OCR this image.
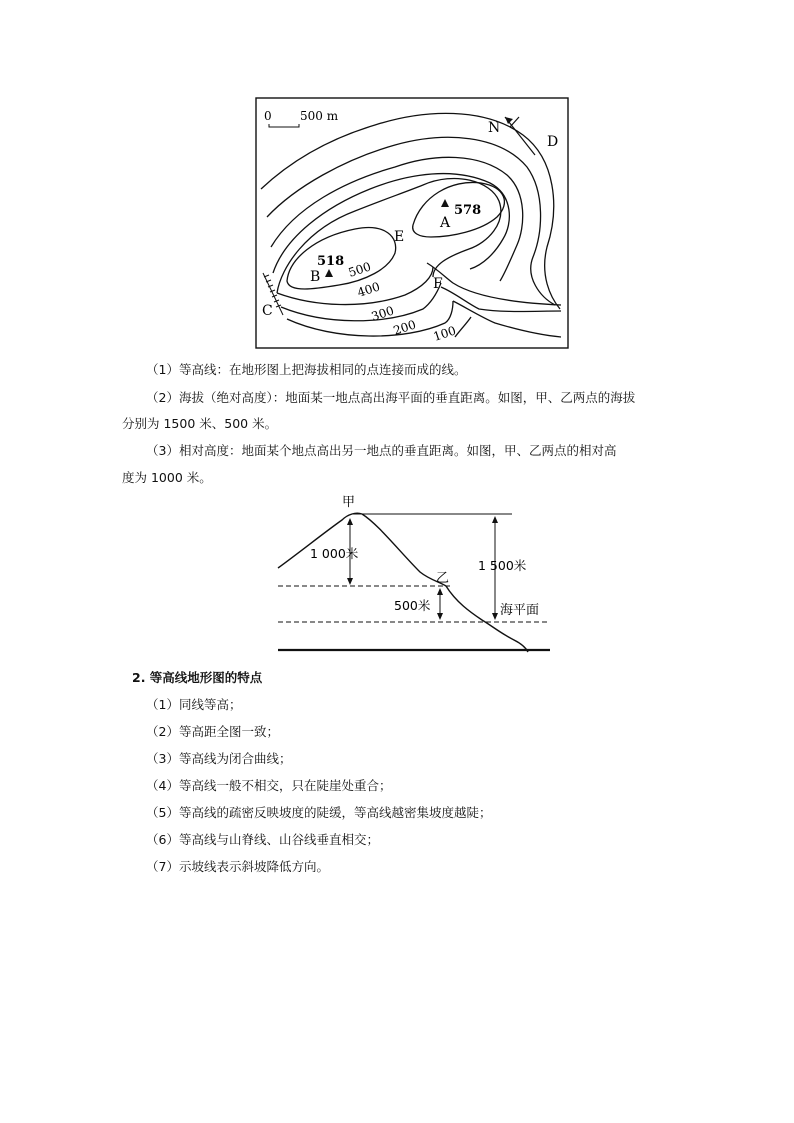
0 500 m
N
D
578
A
518
B
E
F
C
500
400
300
200 100
（1）等高线：在地形图上把海拔相同的点连接而成的线。
（2）海拔（绝对高度）：地面某一地点高出海平面的垂直距离。如图，甲、乙两点的海拔
分别为 1500 米、500 米。
（3）相对高度：地面某个地点高出另一地点的垂直距离。如图，甲、乙两点的相对高
度为 1000 米。
甲
乙
1 000米
1 500米
500米	海平面
2. 等高线地形图的特点
（1）同线等高；
（2）等高距全图一致；
（3）等高线为闭合曲线；
（4）等高线一般不相交，只在陡崖处重合；
（5）等高线的疏密反映坡度的陡缓，等高线越密集坡度越陡；
（6）等高线与山脊线、山谷线垂直相交；
（7）示坡线表示斜坡降低方向。
